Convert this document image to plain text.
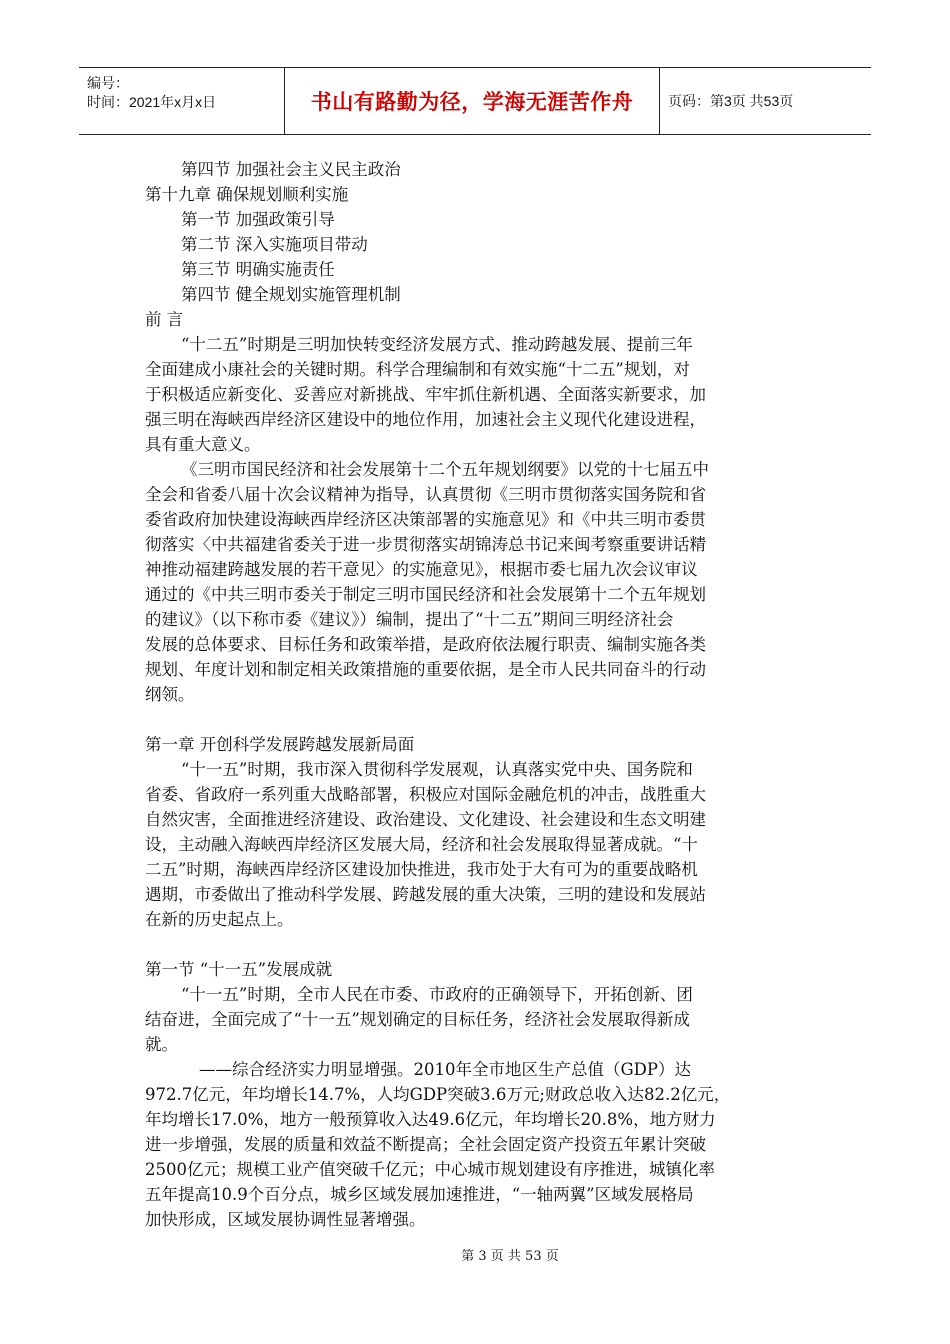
编号：
时间：2021年x月x日	书山有路勤为径，学海无涯苦作舟	页码：第3页 共53页
第四节 加强社会主义民主政治
第十九章 确保规划顺利实施
第一节 加强政策引导
第二节 深入实施项目带动
第三节 明确实施责任
第四节 健全规划实施管理机制
前 言
“十二五”时期是三明加快转变经济发展方式、推动跨越发展、提前三年
全面建成小康社会的关键时期。科学合理编制和有效实施“十二五”规划，对
于积极适应新变化、妥善应对新挑战、牢牢抓住新机遇、全面落实新要求，加
强三明在海峡西岸经济区建设中的地位作用，加速社会主义现代化建设进程，
具有重大意义。
《三明市国民经济和社会发展第十二个五年规划纲要》以党的十七届五中
全会和省委八届十次会议精神为指导，认真贯彻《三明市贯彻落实国务院和省
委省政府加快建设海峡西岸经济区决策部署的实施意见》和《中共三明市委贯
彻落实〈中共福建省委关于进一步贯彻落实胡锦涛总书记来闽考察重要讲话精
神推动福建跨越发展的若干意见〉的实施意见》，根据市委七届九次会议审议
通过的《中共三明市委关于制定三明市国民经济和社会发展第十二个五年规划
的建议》（以下称市委《建议》）编制，提出了“十二五”期间三明经济社会
发展的总体要求、目标任务和政策举措，是政府依法履行职责、编制实施各类
规划、年度计划和制定相关政策措施的重要依据，是全市人民共同奋斗的行动
纲领。
第一章 开创科学发展跨越发展新局面
“十一五”时期，我市深入贯彻科学发展观，认真落实党中央、国务院和
省委、省政府一系列重大战略部署，积极应对国际金融危机的冲击，战胜重大
自然灾害，全面推进经济建设、政治建设、文化建设、社会建设和生态文明建
设，主动融入海峡西岸经济区发展大局，经济和社会发展取得显著成就。“十
二五”时期，海峡西岸经济区建设加快推进，我市处于大有可为的重要战略机
遇期，市委做出了推动科学发展、跨越发展的重大决策，三明的建设和发展站
在新的历史起点上。
第一节 “十一五”发展成就
“十一五”时期，全市人民在市委、市政府的正确领导下，开拓创新、团
结奋进，全面完成了“十一五”规划确定的目标任务，经济社会发展取得新成
就。
——综合经济实力明显增强。2010年全市地区生产总值（GDP）达
972.7亿元，年均增长14.7%，人均GDP突破3.6万元;财政总收入达82.2亿元，
年均增长17.0%，地方一般预算收入达49.6亿元，年均增长20.8%，地方财力
进一步增强，发展的质量和效益不断提高；全社会固定资产投资五年累计突破
2500亿元；规模工业产值突破千亿元；中心城市规划建设有序推进，城镇化率
五年提高10.9个百分点，城乡区域发展加速推进，“一轴两翼”区域发展格局
加快形成，区域发展协调性显著增强。
第 3 页 共 53 页
